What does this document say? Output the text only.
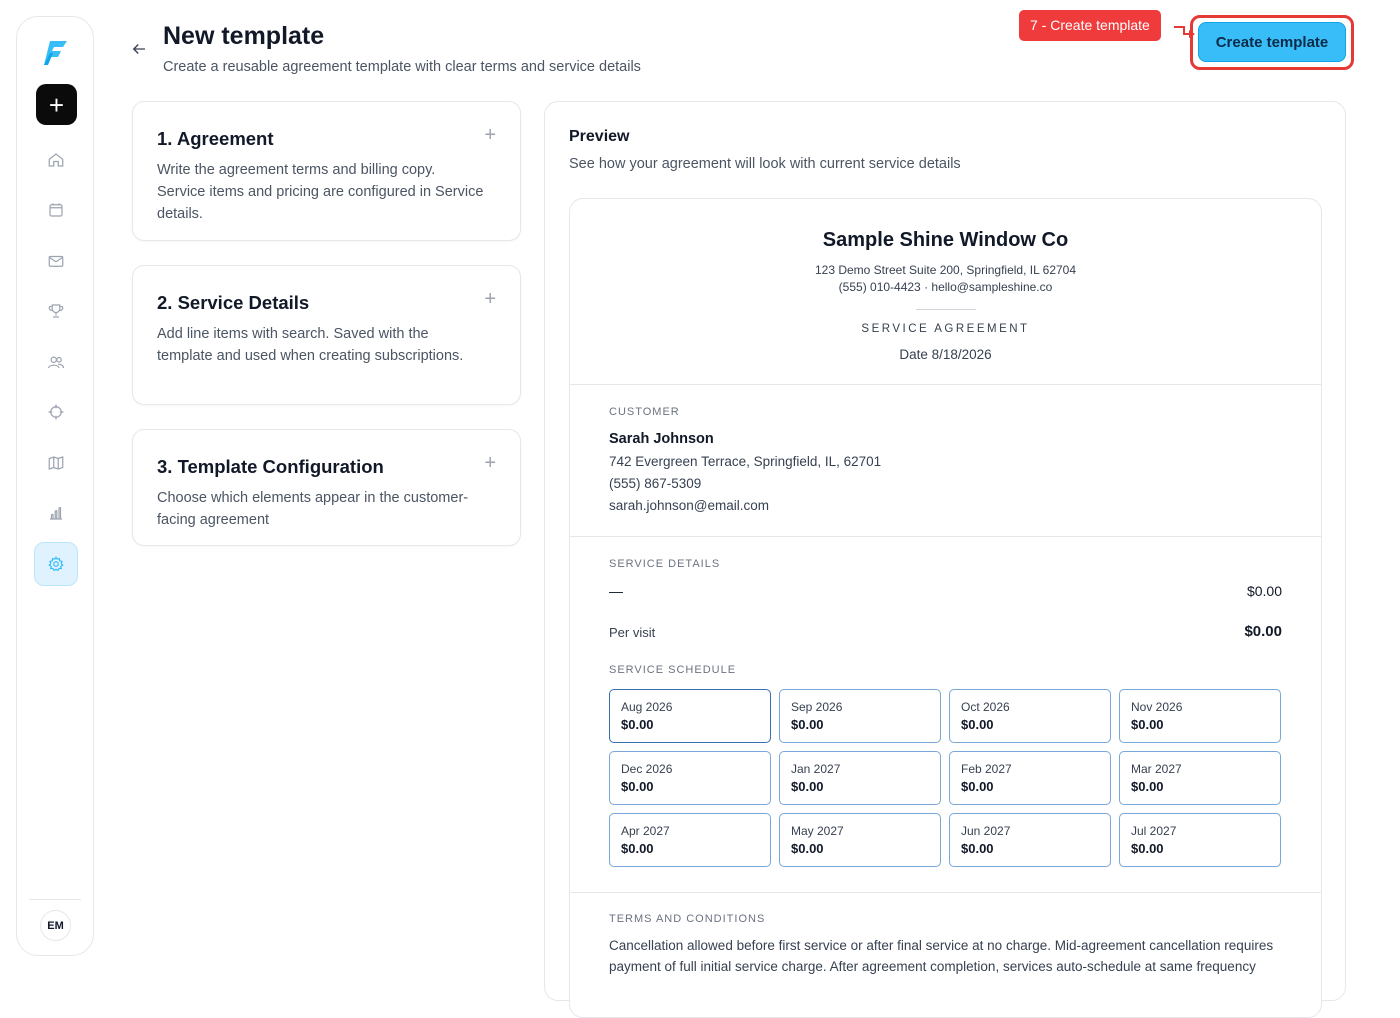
+
EM
New template
Create a reusable agreement template with clear terms and service details
7 - Create template
Create template
1. Agreement	+

Write the agreement terms and billing copy. Service items and pricing are configured in Service details.

2. Service Details	+

Add line items with search. Saved with the template and used when creating subscriptions.

3. Template Configuration	+

Choose which elements appear in the customer-facing agreement

Preview
See how your agreement will look with current service details
Sample Shine Window Co
123 Demo Street Suite 200, Springfield, IL 62704
(555) 010-4423 · hello@sampleshine.co
SERVICE AGREEMENT
Date 8/18/2026
CUSTOMER
Sarah Johnson
742 Evergreen Terrace, Springfield, IL, 62701
(555) 867-5309
sarah.johnson@email.com
SERVICE DETAILS
—	$0.00
Per visit	$0.00
SERVICE SCHEDULE
Aug 2026
$0.00
Sep 2026
$0.00
Oct 2026
$0.00
Nov 2026
$0.00
Dec 2026
$0.00
Jan 2027
$0.00
Feb 2027
$0.00
Mar 2027
$0.00
Apr 2027
$0.00
May 2027
$0.00
Jun 2027
$0.00
Jul 2027
$0.00
TERMS AND CONDITIONS
Cancellation allowed before first service or after final service at no charge. Mid-agreement cancellation requires payment of full initial service charge. After agreement completion, services auto-schedule at same frequency
